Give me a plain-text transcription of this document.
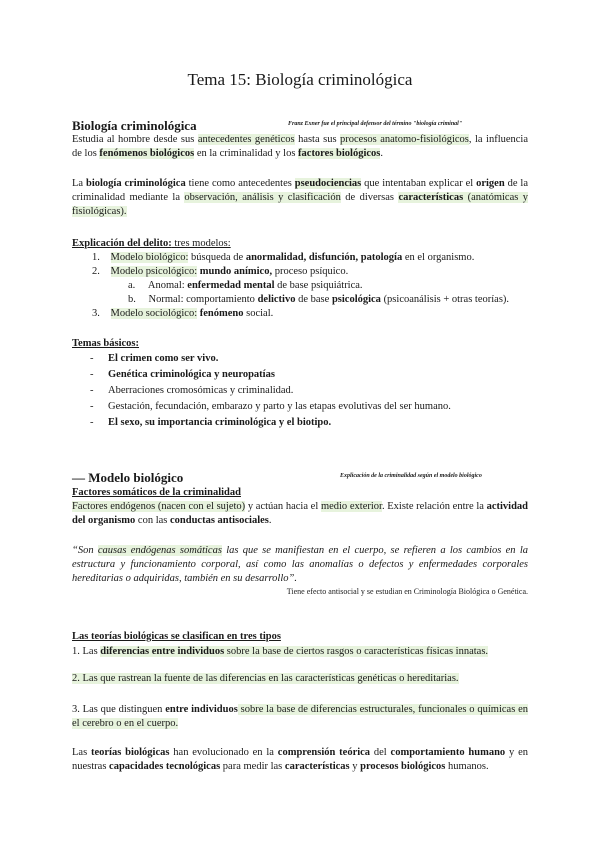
Tema 15: Biología criminológica
Biología criminológica	Franz Exner fue el principal defensor del término "biología criminal"
Estudia al hombre desde sus antecedentes genéticos hasta sus procesos anatomo-fisiológicos, la influencia de los fenómenos biológicos en la criminalidad y los factores biológicos.
La biología criminológica tiene como antecedentes pseudociencias que intentaban explicar el origen de la criminalidad mediante la observación, análisis y clasificación de diversas características (anatómicas y fisiológicas).
Explicación del delito: tres modelos:
1. Modelo biológico: búsqueda de anormalidad, disfunción, patología en el organismo.
2. Modelo psicológico: mundo anímico, proceso psíquico.
a. Anomal: enfermedad mental de base psiquiátrica.
b. Normal: comportamiento delictivo de base psicológica (psicoanálisis + otras teorías).
3. Modelo sociológico: fenómeno social.
Temas básicos:
- El crimen como ser vivo.
- Genética criminológica y neuropatías
- Aberraciones cromosómicas y criminalidad.
- Gestación, fecundación, embarazo y parto y las etapas evolutivas del ser humano.
- El sexo, su importancia criminológica y el biotipo.
— Modelo biológico	Explicación de la criminalidad según el modelo biológico
Factores somáticos de la criminalidad
Factores endógenos (nacen con el sujeto) y actúan hacia el medio exterior. Existe relación entre la actividad del organismo con las conductas antisociales.
“Son causas endógenas somáticas las que se manifiestan en el cuerpo, se refieren a los cambios en la estructura y funcionamiento corporal, así como las anomalías o defectos y enfermedades corporales hereditarias o adquiridas, también en su desarrollo”.
Tiene efecto antisocial y se estudian en Criminología Biológica o Genética.
Las teorías biológicas se clasifican en tres tipos
1. Las diferencias entre individuos sobre la base de ciertos rasgos o características físicas innatas.
2. Las que rastrean la fuente de las diferencias en las características genéticas o hereditarias.
3. Las que distinguen entre individuos sobre la base de diferencias estructurales, funcionales o químicas en el cerebro o en el cuerpo.
Las teorías biológicas han evolucionado en la comprensión teórica del comportamiento humano y en nuestras capacidades tecnológicas para medir las características y procesos biológicos humanos.
